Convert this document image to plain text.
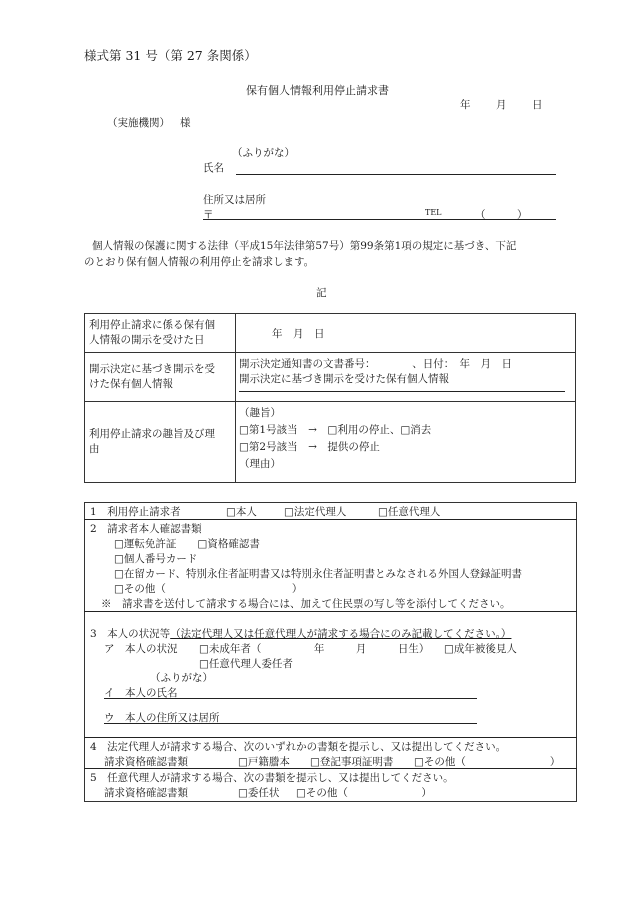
様式第 31 号（第 27 条関係）
保有個人情報利用停止請求書
年 月 日
（実施機関） 様
（ふりがな）
氏名
住所又は居所
〒	TEL	（　　　）
個人情報の保護に関する法律（平成15年法律第57号）第99条第1項の規定に基づき、下記
のとおり保有個人情報の利用停止を請求します。
記
利用停止請求に係る保有個
人情報の開示を受けた日	年　月　日

開示決定に基づき開示を受
けた保有個人情報	開示決定通知書の文書番号：　　　　、日付：　年　月　日
開示決定に基づき開示を受けた保有個人情報

利用停止請求の趣旨及び理
由	（趣旨）
□第1号該当　→　□利用の停止、□消去
□第2号該当　→　提供の停止
（理由）
1　利用停止請求者	□本人	□法定代理人	□任意代理人
2　請求者本人確認書類
□運転免許証　　□資格確認書
□個人番号カード
□在留カード、特別永住者証明書又は特別永住者証明書とみなされる外国人登録証明書
□その他（　　　　　　　　　　　　）
※　請求書を送付して請求する場合には、加えて住民票の写し等を添付してください。
3　本人の状況等（法定代理人又は任意代理人が請求する場合にのみ記載してください。）
ア　本人の状況 □未成年者（　　　　　年　　　月　　　日生） □成年被後見人
□任意代理人委任者
（ふりがな）
イ　本人の氏名
ウ　本人の住所又は居所
4　法定代理人が請求する場合、次のいずれかの書類を提示し、又は提出してください。
請求資格確認書類	□戸籍謄本 □登記事項証明書 □その他（　　　　　　　　）
5　任意代理人が請求する場合、次の書類を提示し、又は提出してください。
請求資格確認書類	□委任状 □その他（　　　　　　　）
